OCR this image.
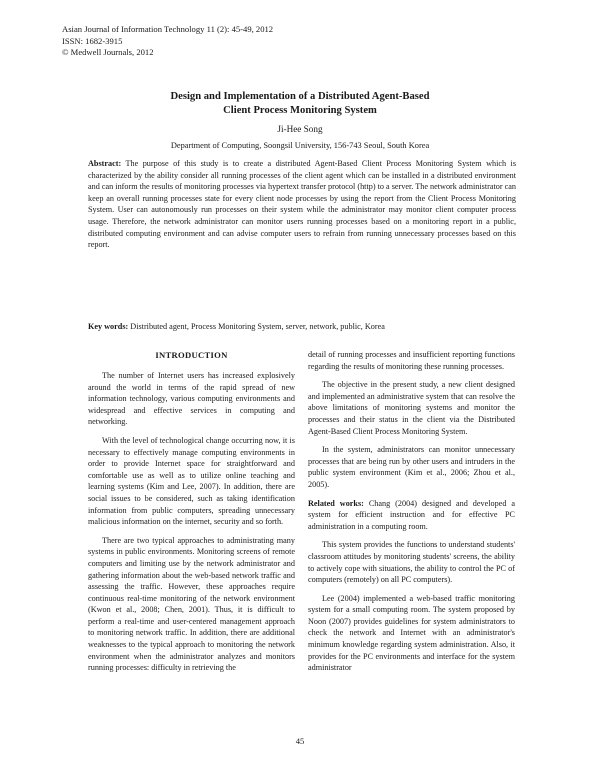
Asian Journal of Information Technology 11 (2): 45-49, 2012
ISSN: 1682-3915
© Medwell Journals, 2012
Design and Implementation of a Distributed Agent-Based
Client Process Monitoring System
Ji-Hee Song
Department of Computing, Soongsil University, 156-743 Seoul, South Korea

Abstract: The purpose of this study is to create a distributed Agent-Based Client Process Monitoring System which is characterized by the ability consider all running processes of the client agent which can be installed in a distributed environment and can inform the results of monitoring processes via hypertext transfer protocol (http) to a server. The network administrator can keep an overall running processes state for every client node processes by using the report from the Client Process Monitoring System. User can autonomously run processes on their system while the administrator may monitor client computer process usage. Therefore, the network administrator can monitor users running processes based on a monitoring report in a public, distributed computing environment and can advise computer users to refrain from running unnecessary processes based on this report.

Key words: Distributed agent, Process Monitoring System, server, network, public, Korea

INTRODUCTION

The number of Internet users has increased explosively around the world in terms of the rapid spread of new information technology, various computing environments and widespread and effective services in computing and networking.

With the level of technological change occurring now, it is necessary to effectively manage computing environments in order to provide Internet space for straightforward and comfortable use as well as to utilize online teaching and learning systems (Kim and Lee, 2007). In addition, there are social issues to be considered, such as taking identification information from public computers, spreading unnecessary malicious information on the internet, security and so forth.

There are two typical approaches to administrating many systems in public environments. Monitoring screens of remote computers and limiting use by the network administrator and gathering information about the web-based network traffic and assessing the traffic. However, these approaches require continuous real-time monitoring of the network environment (Kwon et al., 2008; Chen, 2001). Thus, it is difficult to perform a real-time and user-centered management approach to monitoring network traffic. In addition, there are additional weaknesses to the typical approach to monitoring the network environment when the administrator analyzes and monitors running processes: difficulty in retrieving the

detail of running processes and insufficient reporting functions regarding the results of monitoring these running processes.

The objective in the present study, a new client designed and implemented an administrative system that can resolve the above limitations of monitoring systems and monitor the processes and their status in the client via the Distributed Agent-Based Client Process Monitoring System.

In the system, administrators can monitor unnecessary processes that are being run by other users and intruders in the public system environment (Kim et al., 2006; Zhou et al., 2005).

Related works: Chang (2004) designed and developed a system for efficient instruction and for effective PC administration in a computing room.

This system provides the functions to understand students' classroom attitudes by monitoring students' screens, the ability to actively cope with situations, the ability to control the PC of computers (remotely) on all PC computers).

Lee (2004) implemented a web-based traffic monitoring system for a small computing room. The system proposed by Noon (2007) provides guidelines for system administrators to check the network and Internet with an administrator's minimum knowledge regarding system administration. Also, it provides for the PC environments and interface for the system administrator

45
